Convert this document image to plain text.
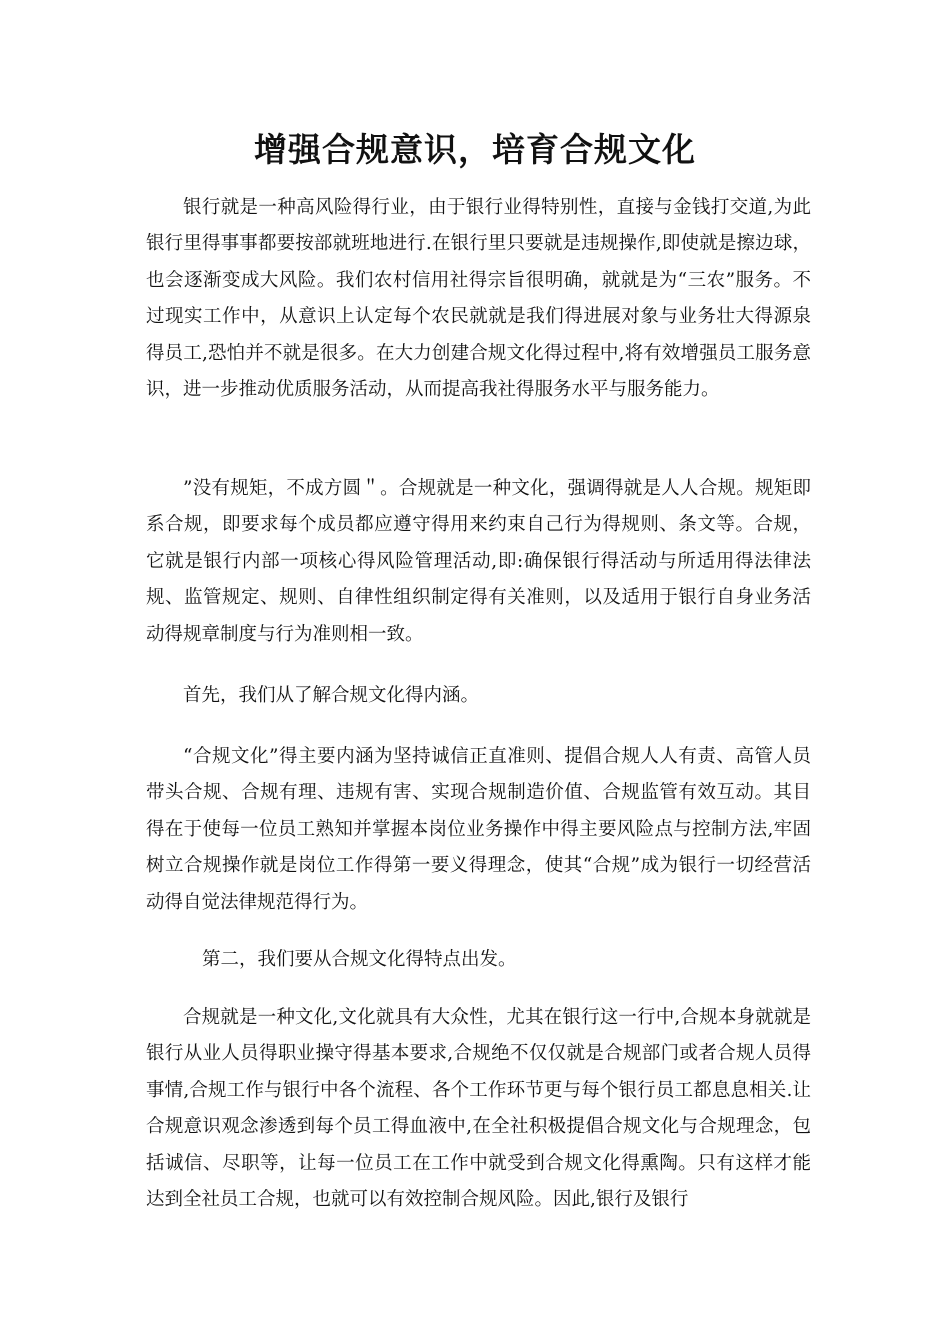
增强合规意识，培育合规文化

银行就是一种高风险得行业，由于银行业得特别性，直接与金钱打交道,为此银行里得事事都要按部就班地进行.在银行里只要就是违规操作,即使就是擦边球，也会逐渐变成大风险。我们农村信用社得宗旨很明确，就就是为“三农”服务。不过现实工作中，从意识上认定每个农民就就是我们得进展对象与业务壮大得源泉得员工,恐怕并不就是很多。在大力创建合规文化得过程中,将有效增强员工服务意识，进一步推动优质服务活动，从而提高我社得服务水平与服务能力。

”没有规矩，不成方圆＂。合规就是一种文化，强调得就是人人合规。规矩即系合规，即要求每个成员都应遵守得用来约束自己行为得规则、条文等。合规，它就是银行内部一项核心得风险管理活动,即:确保银行得活动与所适用得法律法规、监管规定、规则、自律性组织制定得有关准则，以及适用于银行自身业务活动得规章制度与行为准则相一致。

首先，我们从了解合规文化得内涵。

“合规文化”得主要内涵为坚持诚信正直准则、提倡合规人人有责、高管人员带头合规、合规有理、违规有害、实现合规制造价值、合规监管有效互动。其目得在于使每一位员工熟知并掌握本岗位业务操作中得主要风险点与控制方法,牢固树立合规操作就是岗位工作得第一要义得理念，使其“合规”成为银行一切经营活动得自觉法律规范得行为。

第二，我们要从合规文化得特点出发。

合规就是一种文化,文化就具有大众性，尤其在银行这一行中,合规本身就就是银行从业人员得职业操守得基本要求,合规绝不仅仅就是合规部门或者合规人员得事情,合规工作与银行中各个流程、各个工作环节更与每个银行员工都息息相关.让合规意识观念渗透到每个员工得血液中,在全社积极提倡合规文化与合规理念，包括诚信、尽职等，让每一位员工在工作中就受到合规文化得熏陶。只有这样才能达到全社员工合规，也就可以有效控制合规风险。因此,银行及银行
